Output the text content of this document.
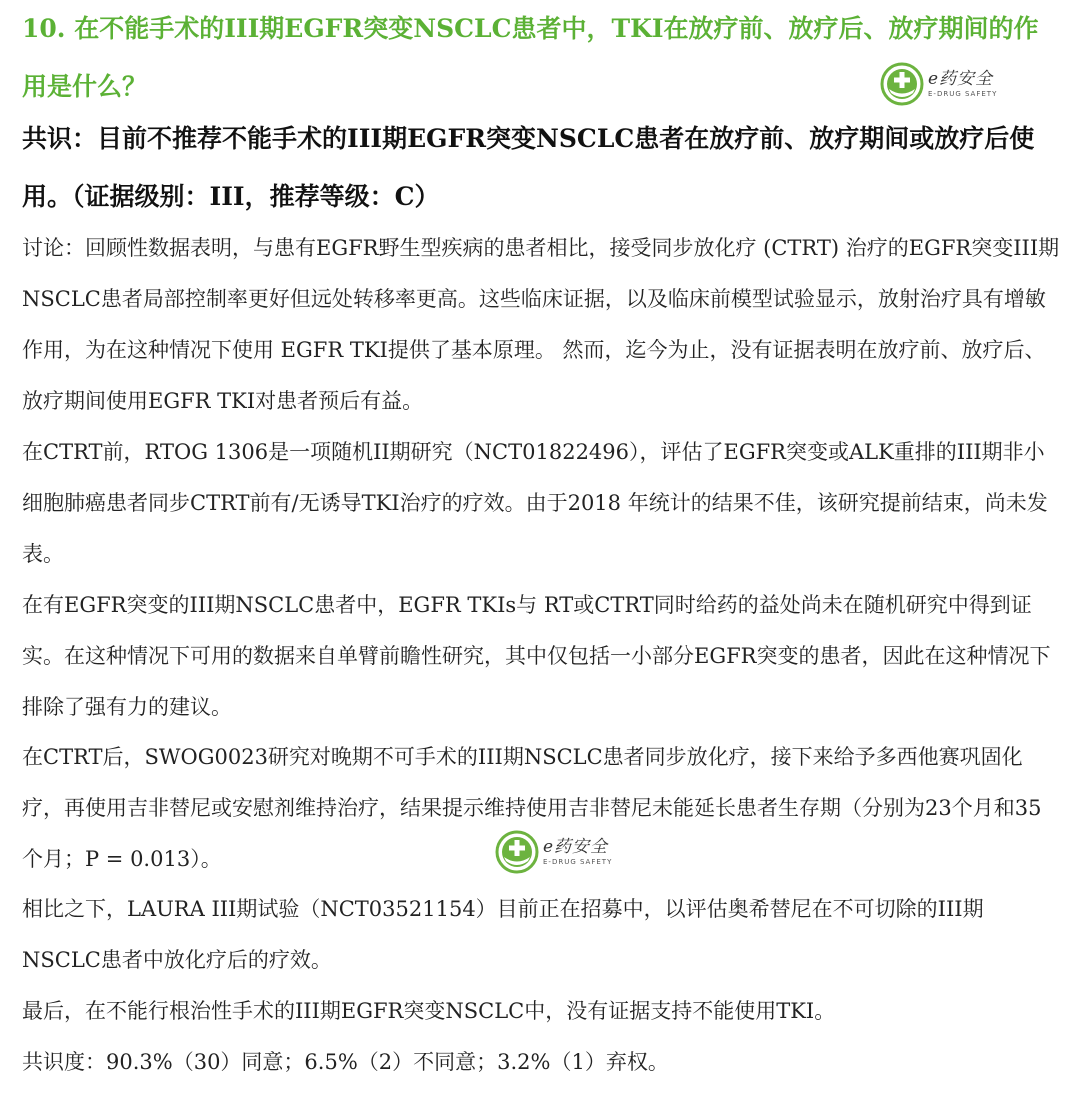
10. 在不能手术的III期EGFR突变NSCLC患者中，TKI在放疗前、放疗后、放疗期间的作用是什么？	e药安全
E-DRUG SAFETY

共识：目前不推荐不能手术的III期EGFR突变NSCLC患者在放疗前、放疗期间或放疗后使用。（证据级别：III，推荐等级：C）

讨论：回顾性数据表明，与患有EGFR野生型疾病的患者相比，接受同步放化疗 (CTRT) 治疗的EGFR突变III期NSCLC患者局部控制率更好但远处转移率更高。这些临床证据，以及临床前模型试验显示，放射治疗具有增敏作用，为在这种情况下使用 EGFR TKI提供了基本原理。 然而，迄今为止，没有证据表明在放疗前、放疗后、放疗期间使用EGFR TKI对患者预后有益。

在CTRT前，RTOG 1306是一项随机II期研究（NCT01822496），评估了EGFR突变或ALK重排的III期非小细胞肺癌患者同步CTRT前有/无诱导TKI治疗的疗效。由于2018 年统计的结果不佳，该研究提前结束，尚未发表。

在有EGFR突变的III期NSCLC患者中，EGFR TKIs与 RT或CTRT同时给药的益处尚未在随机研究中得到证实。在这种情况下可用的数据来自单臂前瞻性研究，其中仅包括一小部分EGFR突变的患者，因此在这种情况下排除了强有力的建议。

在CTRT后，SWOG0023研究对晚期不可手术的III期NSCLC患者同步放化疗，接下来给予多西他赛巩固化疗，再使用吉非替尼或安慰剂维持治疗，结果提示维持使用吉非替尼未能延长患者生存期（分别为23个月和35个月；P = 0.013）。	e药安全
E-DRUG SAFETY

相比之下，LAURA III期试验（NCT03521154）目前正在招募中，以评估奥希替尼在不可切除的III期NSCLC患者中放化疗后的疗效。

最后，在不能行根治性手术的III期EGFR突变NSCLC中，没有证据支持不能使用TKI。

共识度：90.3%（30）同意；6.5%（2）不同意；3.2%（1）弃权。
